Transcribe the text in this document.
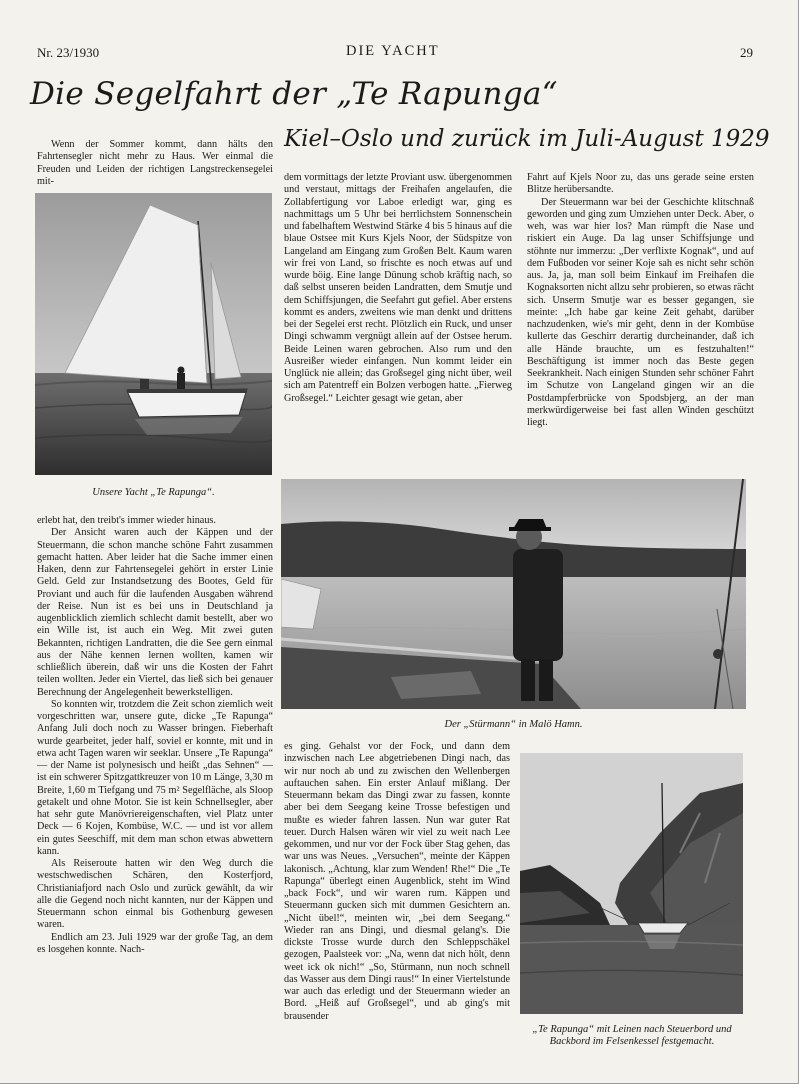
Nr. 23/1930	DIE YACHT	29
Die Segelfahrt der „Te Rapunga“
Kiel–Oslo und zurück im Juli-August 1929

Wenn der Sommer kommt, dann hälts den Fahrtensegler nicht mehr zu Haus. Wer einmal die Freuden und Leiden der richtigen Langstreckensegelei mit-

Unsere Yacht „Te Rapunga“.

erlebt hat, den treibt's immer wieder hinaus.

Der Ansicht waren auch der Käppen und der Steuermann, die schon manche schöne Fahrt zusammen gemacht hatten. Aber leider hat die Sache immer einen Haken, denn zur Fahrtensegelei gehört in erster Linie Geld. Geld zur Instandsetzung des Bootes, Geld für Proviant und auch für die laufenden Ausgaben während der Reise. Nun ist es bei uns in Deutschland ja augenblicklich ziemlich schlecht damit bestellt, aber wo ein Wille ist, ist auch ein Weg. Mit zwei guten Bekannten, richtigen Landratten, die die See gern einmal aus der Nähe kennen lernen wollten, kamen wir schließlich überein, daß wir uns die Kosten der Fahrt teilen wollten. Jeder ein Viertel, das ließ sich bei genauer Berechnung der Angelegenheit bewerkstelligen.

So konnten wir, trotzdem die Zeit schon ziemlich weit vorgeschritten war, unsere gute, dicke „Te Rapunga“ Anfang Juli doch noch zu Wasser bringen. Fieberhaft wurde gearbeitet, jeder half, soviel er konnte, mit und in etwa acht Tagen waren wir seeklar. Unsere „Te Rapunga“ — der Name ist polynesisch und heißt „das Sehnen“ — ist ein schwerer Spitzgattkreuzer von 10 m Länge, 3,30 m Breite, 1,60 m Tiefgang und 75 m² Segelfläche, als Sloop getakelt und ohne Motor. Sie ist kein Schnellsegler, aber hat sehr gute Manövriereigenschaften, viel Platz unter Deck — 6 Kojen, Kombüse, W.C. — und ist vor allem ein gutes Seeschiff, mit dem man schon etwas abwettern kann.

Als Reiseroute hatten wir den Weg durch die westschwedischen Schären, den Kosterfjord, Christianiafjord nach Oslo und zurück gewählt, da wir alle die Gegend noch nicht kannten, nur der Käppen und Steuermann schon einmal bis Gothenburg gewesen waren.

Endlich am 23. Juli 1929 war der große Tag, an dem es losgehen konnte. Nach-

dem vormittags der letzte Proviant usw. übergenommen und verstaut, mittags der Freihafen angelaufen, die Zollabfertigung vor Laboe erledigt war, ging es nachmittags um 5 Uhr bei herrlichstem Sonnenschein und fabelhaftem Westwind Stärke 4 bis 5 hinaus auf die blaue Ostsee mit Kurs Kjels Noor, der Südspitze von Langeland am Eingang zum Großen Belt. Kaum waren wir frei von Land, so frischte es noch etwas auf und wurde böig. Eine lange Dünung schob kräftig nach, so daß selbst unseren beiden Landratten, dem Smutje und dem Schiffsjungen, die Seefahrt gut gefiel. Aber erstens kommt es anders, zweitens wie man denkt und drittens bei der Segelei erst recht. Plötzlich ein Ruck, und unser Dingi schwamm vergnügt allein auf der Ostsee herum. Beide Leinen waren gebrochen. Also rum und den Ausreißer wieder einfangen. Nun kommt leider ein Unglück nie allein; das Großsegel ging nicht über, weil sich am Patentreff ein Bolzen verbogen hatte. „Fierweg Großsegel.“ Leichter gesagt wie getan, aber

Fahrt auf Kjels Noor zu, das uns gerade seine ersten Blitze herübersandte.

Der Steuermann war bei der Geschichte klitschnaß geworden und ging zum Umziehen unter Deck. Aber, o weh, was war hier los? Man rümpft die Nase und riskiert ein Auge. Da lag unser Schiffsjunge und stöhnte nur immerzu: „Der verflixte Kognak“, und auf dem Fußboden vor seiner Koje sah es nicht sehr schön aus. Ja, ja, man soll beim Einkauf im Freihafen die Kognaksorten nicht allzu sehr probieren, so etwas rächt sich. Unserm Smutje war es besser gegangen, sie meinte: „Ich habe gar keine Zeit gehabt, darüber nachzudenken, wie's mir geht, denn in der Kombüse kullerte das Geschirr derartig durcheinander, daß ich alle Hände brauchte, um es festzuhalten!“ Beschäftigung ist immer noch das Beste gegen Seekrankheit. Nach einigen Stunden sehr schöner Fahrt im Schutze von Langeland gingen wir an die Postdampferbrücke von Spodsbjerg, an der man merkwürdigerweise bei fast allen Winden geschützt liegt.

Der „Stürmann“ in Malö Hamn.

es ging. Gehalst vor der Fock, und dann dem inzwischen nach Lee abgetriebenen Dingi nach, das wir nur noch ab und zu zwischen den Wellenbergen auftauchen sahen. Ein erster Anlauf mißlang. Der Steuermann bekam das Dingi zwar zu fassen, konnte aber bei dem Seegang keine Trosse befestigen und mußte es wieder fahren lassen. Nun war guter Rat teuer. Durch Halsen wären wir viel zu weit nach Lee gekommen, und nur vor der Fock über Stag gehen, das war uns was Neues. „Versuchen“, meinte der Käppen lakonisch. „Achtung, klar zum Wenden! Rhe!“ Die „Te Rapunga“ überlegt einen Augenblick, steht im Wind „back Fock“, und wir waren rum. Käppen und Steuermann gucken sich mit dummen Gesichtern an. „Nicht übel!“, meinten wir, „bei dem Seegang.“ Wieder ran ans Dingi, und diesmal gelang's. Die dickste Trosse wurde durch den Schleppschäkel gezogen, Paalsteek vor: „Na, wenn dat nich hölt, denn weet ick ok nich!“ „So, Stürmann, nun noch schnell das Wasser aus dem Dingi raus!“ In einer Viertelstunde war auch das erledigt und der Steuermann wieder an Bord. „Heiß auf Großsegel“, und ab ging's mit brausender

„Te Rapunga“ mit Leinen nach Steuerbord und Backbord im Felsenkessel festgemacht.
